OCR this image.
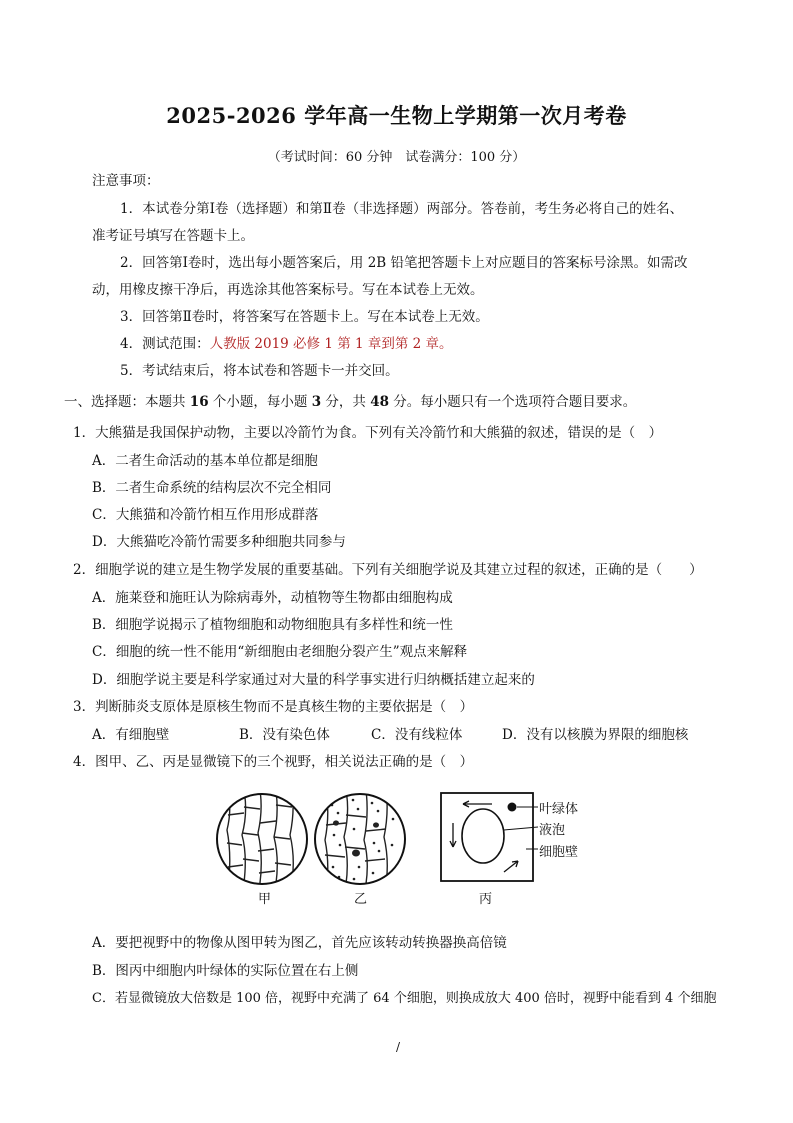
2025-2026 学年高一生物上学期第一次月考卷
（考试时间：60 分钟　试卷满分：100 分）
注意事项：
1．本试卷分第Ⅰ卷（选择题）和第Ⅱ卷（非选择题）两部分。答卷前，考生务必将自己的姓名、
准考证号填写在答题卡上。
2．回答第Ⅰ卷时，选出每小题答案后，用 2B 铅笔把答题卡上对应题目的答案标号涂黑。如需改
动，用橡皮擦干净后，再选涂其他答案标号。写在本试卷上无效。
3．回答第Ⅱ卷时，将答案写在答题卡上。写在本试卷上无效。
4．测试范围：人教版 2019 必修 1 第 1 章到第 2 章。
5．考试结束后，将本试卷和答题卡一并交回。
一、选择题：本题共 16 个小题，每小题 3 分，共 48 分。每小题只有一个选项符合题目要求。
1．大熊猫是我国保护动物，主要以冷箭竹为食。下列有关冷箭竹和大熊猫的叙述，错误的是（　）
A．二者生命活动的基本单位都是细胞
B．二者生命系统的结构层次不完全相同
C．大熊猫和冷箭竹相互作用形成群落
D．大熊猫吃冷箭竹需要多种细胞共同参与
2．细胞学说的建立是生物学发展的重要基础。下列有关细胞学说及其建立过程的叙述，正确的是（　　）
A．施莱登和施旺认为除病毒外，动植物等生物都由细胞构成
B．细胞学说揭示了植物细胞和动物细胞具有多样性和统一性
C．细胞的统一性不能用“新细胞由老细胞分裂产生”观点来解释
D．细胞学说主要是科学家通过对大量的科学事实进行归纳概括建立起来的
3．判断肺炎支原体是原核生物而不是真核生物的主要依据是（　）
A．有细胞壁	B．没有染色体	C．没有线粒体	D．没有以核膜为界限的细胞核
4．图甲、乙、丙是显微镜下的三个视野，相关说法正确的是（　）
甲	乙	丙
叶绿体
液泡
细胞壁
A．要把视野中的物像从图甲转为图乙，首先应该转动转换器换高倍镜
B．图丙中细胞内叶绿体的实际位置在右上侧
C．若显微镜放大倍数是 100 倍，视野中充满了 64 个细胞，则换成放大 400 倍时，视野中能看到 4 个细胞
/
